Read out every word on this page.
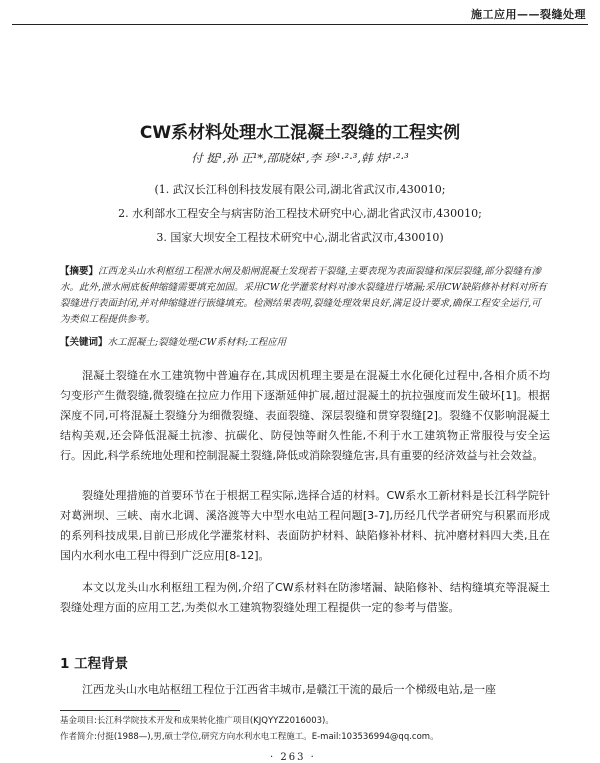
施工应用——裂缝处理
CW系材料处理水工混凝土裂缝的工程实例
付 挺¹,孙 正¹*,邵晓妹¹,李 珍¹·²·³,韩 炜¹·²·³
(1. 武汉长江科创科技发展有限公司,湖北省武汉市,430010;
2. 水利部水工程安全与病害防治工程技术研究中心,湖北省武汉市,430010;
3. 国家大坝安全工程技术研究中心,湖北省武汉市,430010)
【摘要】江西龙头山水利枢纽工程泄水闸及船闸混凝土发现若干裂缝,主要表现为表面裂缝和深层裂缝,部分裂缝有渗水。此外,泄水闸底板伸缩缝需要填充加固。采用CW化学灌浆材料对渗水裂缝进行堵漏;采用CW缺陷修补材料对所有裂缝进行表面封闭,并对伸缩缝进行嵌缝填充。检测结果表明,裂缝处理效果良好,满足设计要求,确保工程安全运行,可为类似工程提供参考。
【关键词】水工混凝土;裂缝处理;CW系材料;工程应用

混凝土裂缝在水工建筑物中普遍存在,其成因机理主要是在混凝土水化硬化过程中,各相介质不均匀变形产生微裂缝,微裂缝在拉应力作用下逐渐延伸扩展,超过混凝土的抗拉强度而发生破坏[1]。根据深度不同,可将混凝土裂缝分为细微裂缝、表面裂缝、深层裂缝和贯穿裂缝[2]。裂缝不仅影响混凝土结构美观,还会降低混凝土抗渗、抗碳化、防侵蚀等耐久性能,不利于水工建筑物正常服役与安全运行。因此,科学系统地处理和控制混凝土裂缝,降低或消除裂缝危害,具有重要的经济效益与社会效益。

裂缝处理措施的首要环节在于根据工程实际,选择合适的材料。CW系水工新材料是长江科学院针对葛洲坝、三峡、南水北调、溪洛渡等大中型水电站工程问题[3-7],历经几代学者研究与积累而形成的系列科技成果,目前已形成化学灌浆材料、表面防护材料、缺陷修补材料、抗冲磨材料四大类,且在国内水利水电工程中得到广泛应用[8-12]。

本文以龙头山水利枢纽工程为例,介绍了CW系材料在防渗堵漏、缺陷修补、结构缝填充等混凝土裂缝处理方面的应用工艺,为类似水工建筑物裂缝处理工程提供一定的参考与借鉴。

1 工程背景

江西龙头山水电站枢纽工程位于江西省丰城市,是赣江干流的最后一个梯级电站,是一座

基金项目:长江科学院技术开发和成果转化推广项目(KJQYYZ2016003)。
作者简介:付挺(1988—),男,硕士学位,研究方向水利水电工程施工。E-mail:103536994@qq.com。
· 263 ·
